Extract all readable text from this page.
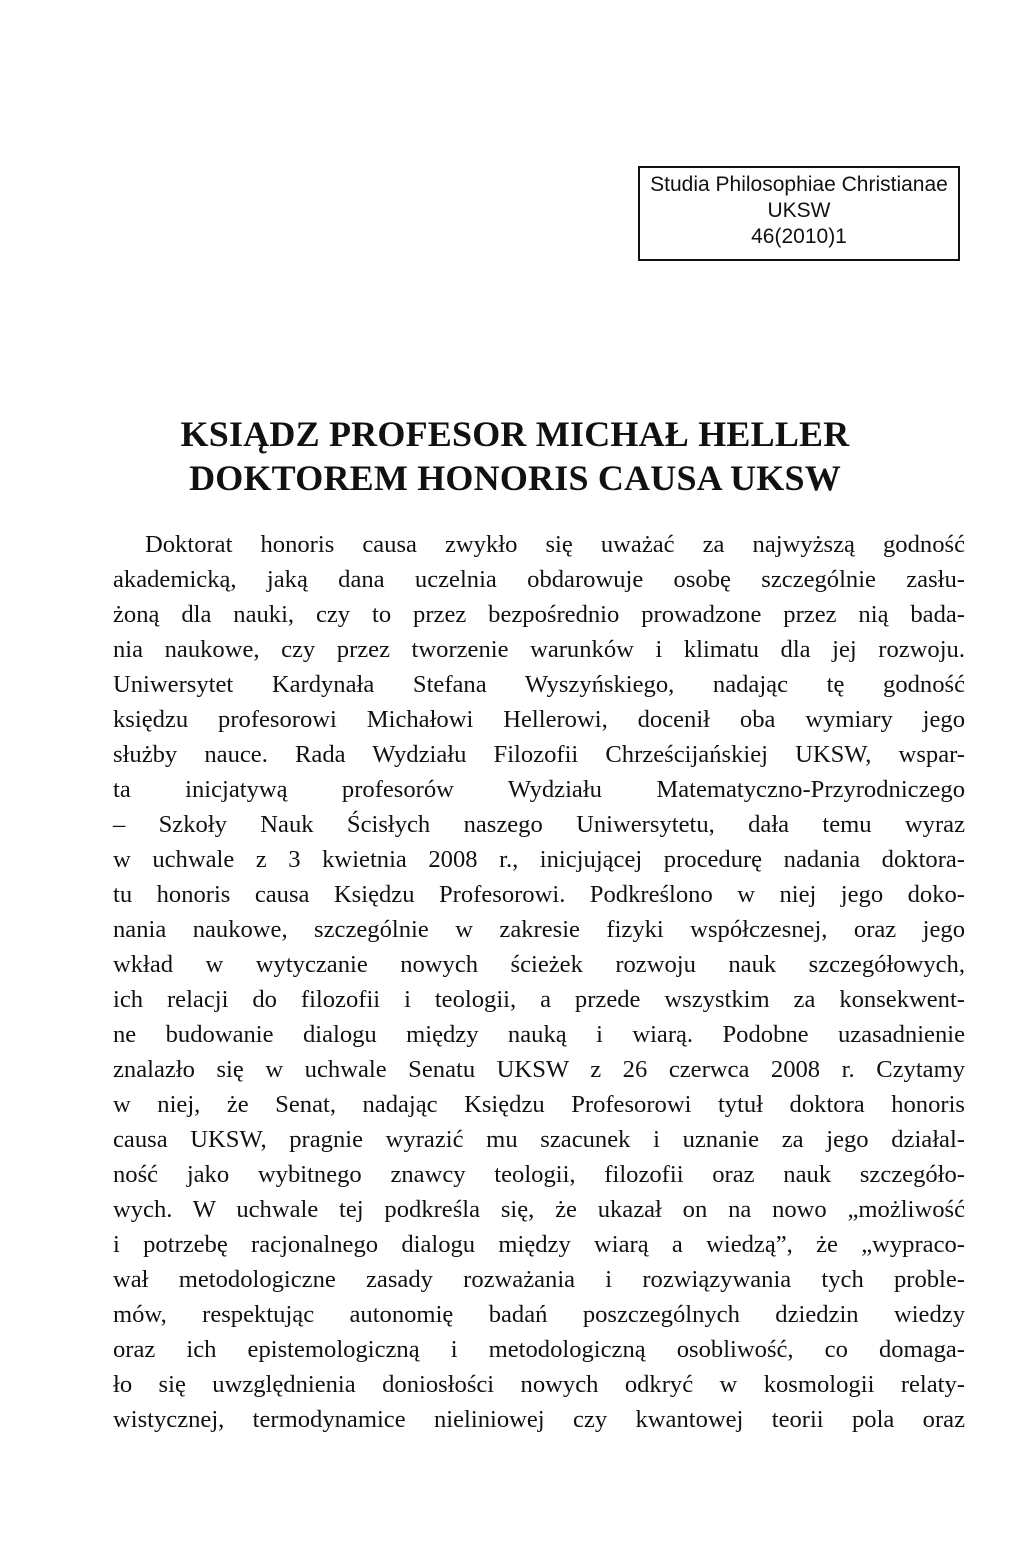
Studia Philosophiae Christianae
UKSW
46(2010)1
KSIĄDZ PROFESOR MICHAŁ HELLER
DOKTOREM HONORIS CAUSA UKSW
Doktorat honoris causa zwykło się uważać za najwyższą godność
akademicką, jaką dana uczelnia obdarowuje osobę szczególnie zasłu-
żoną dla nauki, czy to przez bezpośrednio prowadzone przez nią bada-
nia naukowe, czy przez tworzenie warunków i klimatu dla jej rozwoju.
Uniwersytet Kardynała Stefana Wyszyńskiego, nadając tę godność
księdzu profesorowi Michałowi Hellerowi, docenił oba wymiary jego
służby nauce. Rada Wydziału Filozofii Chrześcijańskiej UKSW, wspar-
ta inicjatywą profesorów Wydziału Matematyczno-Przyrodniczego
– Szkoły Nauk Ścisłych naszego Uniwersytetu, dała temu wyraz
w uchwale z 3 kwietnia 2008 r., inicjującej procedurę nadania doktora-
tu honoris causa Księdzu Profesorowi. Podkreślono w niej jego doko-
nania naukowe, szczególnie w zakresie fizyki współczesnej, oraz jego
wkład w wytyczanie nowych ścieżek rozwoju nauk szczegółowych,
ich relacji do filozofii i teologii, a przede wszystkim za konsekwent-
ne budowanie dialogu między nauką i wiarą. Podobne uzasadnienie
znalazło się w uchwale Senatu UKSW z 26 czerwca 2008 r. Czytamy
w niej, że Senat, nadając Księdzu Profesorowi tytuł doktora honoris
causa UKSW, pragnie wyrazić mu szacunek i uznanie za jego działal-
ność jako wybitnego znawcy teologii, filozofii oraz nauk szczegóło-
wych. W uchwale tej podkreśla się, że ukazał on na nowo „możliwość
i potrzebę racjonalnego dialogu między wiarą a wiedzą”, że „wypraco-
wał metodologiczne zasady rozważania i rozwiązywania tych proble-
mów, respektując autonomię badań poszczególnych dziedzin wiedzy
oraz ich epistemologiczną i metodologiczną osobliwość, co domaga-
ło się uwzględnienia doniosłości nowych odkryć w kosmologii relaty-
wistycznej, termodynamice nieliniowej czy kwantowej teorii pola oraz
